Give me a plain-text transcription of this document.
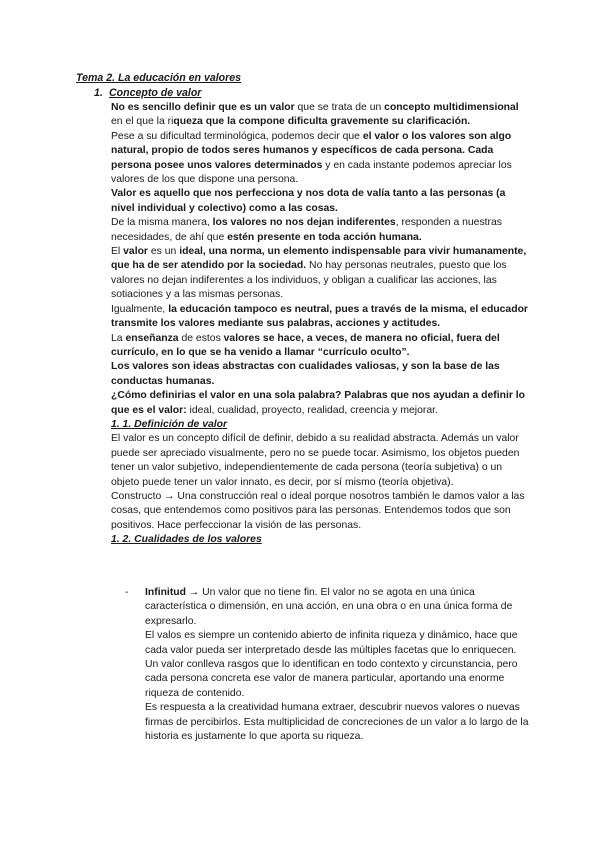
Tema 2. La educación en valores
1. Concepto de valor

No es sencillo definir que es un valor que se trata de un concepto multidimensional en el que la riqueza que la compone dificulta gravemente su clarificación.

Pese a su dificultad terminológica, podemos decir que el valor o los valores son algo natural, propio de todos seres humanos y específicos de cada persona. Cada persona posee unos valores determinados y en cada instante podemos apreciar los valores de los que dispone una persona.

Valor es aquello que nos perfecciona y nos dota de valía tanto a las personas (a nivel individual y colectivo) como a las cosas.

De la misma manera, los valores no nos dejan indiferentes, responden a nuestras necesidades, de ahí que estén presente en toda acción humana.

El valor es un ideal, una norma, un elemento indispensable para vivir humanamente, que ha de ser atendido por la sociedad. No hay personas neutrales, puesto que los valores no dejan indiferentes a los individuos, y obligan a cualificar las acciones, las sotiaciones y a las mismas personas.

Igualmente, la educación tampoco es neutral, pues a través de la misma, el educador transmite los valores mediante sus palabras, acciones y actitudes.

La enseñanza de estos valores se hace, a veces, de manera no oficial, fuera del currículo, en lo que se ha venido a llamar “currículo oculto”.

Los valores son ideas abstractas con cualidades valiosas, y son la base de las conductas humanas.

¿Cómo definirias el valor en una sola palabra? Palabras que nos ayudan a definir lo que es el valor: ideal, cualidad, proyecto, realidad, creencia y mejorar.

1. 1. Definición de valor

El valor es un concepto difícil de definir, debido a su realidad abstracta. Además un valor puede ser apreciado visualmente, pero no se puede tocar. Asimismo, los objetos pueden tener un valor subjetivo, independientemente de cada persona (teoría subjetiva) o un objeto puede tener un valor innato, es decir, por sí mismo (teoría objetiva).

Constructo → Una construcción real o ideal porque nosotros también le damos valor a las cosas, que entendemos como positivos para las personas. Entendemos todos que son positivos. Hace perfeccionar la visión de las personas.

1. 2. Cualidades de los valores

-	Infinitud → Un valor que no tiene fin. El valor no se agota en una única característica o dimensión, en una acción, en una obra o en una única forma de expresarlo.

El valos es siempre un contenido abierto de infinita riqueza y dinámico, hace que cada valor pueda ser interpretado desde las múltiples facetas que lo enriquecen.

Un valor conlleva rasgos que lo identifican en todo contexto y circunstancia, pero cada persona concreta ese valor de manera particular, aportando una enorme riqueza de contenido.

Es respuesta a la creatividad humana extraer, descubrir nuevos valores o nuevas firmas de percibirlos. Esta multiplicidad de concreciones de un valor a lo largo de la historia es justamente lo que aporta su riqueza.
